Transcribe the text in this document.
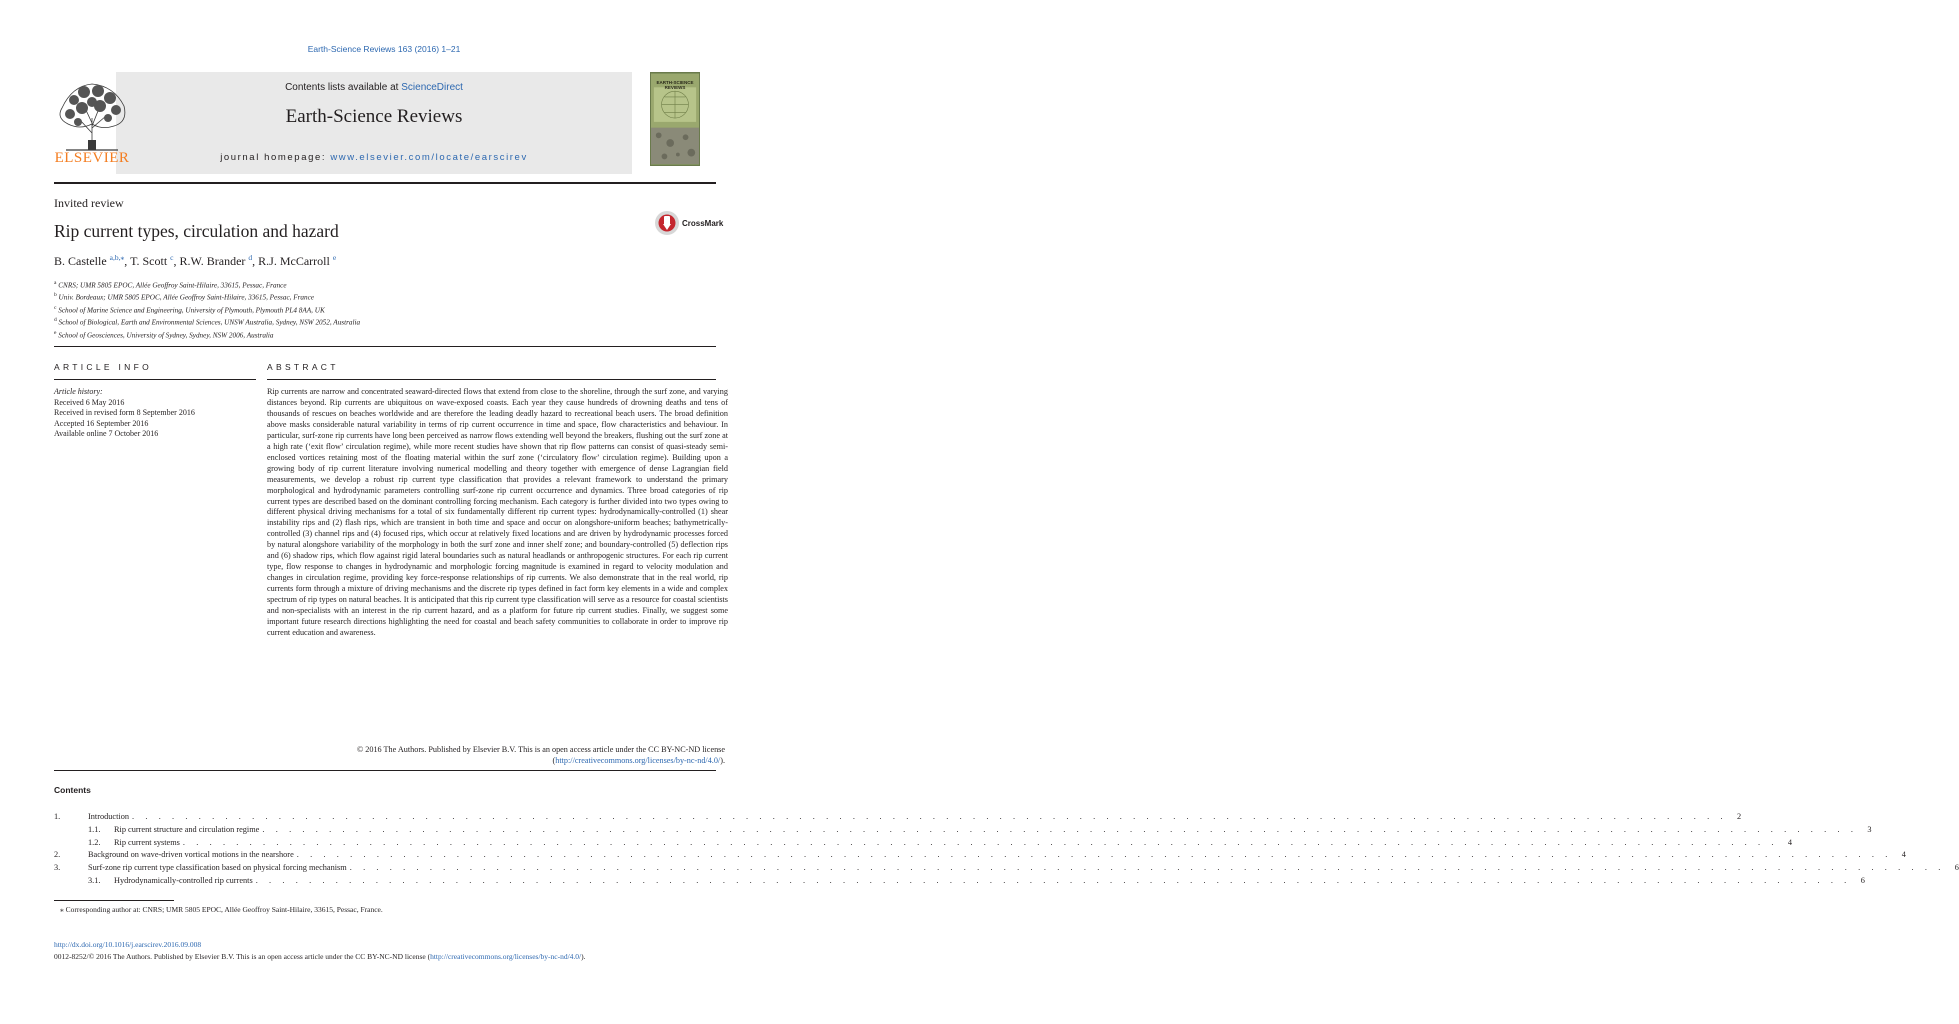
Earth-Science Reviews 163 (2016) 1–21
ELSEVIER
Contents lists available at ScienceDirect
Earth-Science Reviews
journal homepage: www.elsevier.com/locate/earscirev
EARTH-SCIENCE REVIEWS
Invited review
Rip current types, circulation and hazard	CrossMark
B. Castelle $^{a,b,⁎}$, T. Scott $^c$, R.W. Brander $^d$, R.J. McCarroll $^e$
$^a$ CNRS; UMR 5805 EPOC, Allée Geoffroy Saint-Hilaire, 33615, Pessac, France
$^b$ Univ. Bordeaux; UMR 5805 EPOC, Allée Geoffroy Saint-Hilaire, 33615, Pessac, France
$^c$ School of Marine Science and Engineering, University of Plymouth, Plymouth PL4 8AA, UK
$^d$ School of Biological, Earth and Environmental Sciences, UNSW Australia, Sydney, NSW 2052, Australia
$^e$ School of Geosciences, University of Sydney, Sydney, NSW 2006, Australia
ARTICLE INFO	ABSTRACT
Article history:
Received 6 May 2016
Received in revised form 8 September 2016
Accepted 16 September 2016
Available online 7 October 2016
Rip currents are narrow and concentrated seaward-directed flows that extend from close to the shoreline, through the surf zone, and varying distances beyond. Rip currents are ubiquitous on wave-exposed coasts. Each year they cause hundreds of drowning deaths and tens of thousands of rescues on beaches worldwide and are therefore the leading deadly hazard to recreational beach users. The broad definition above masks considerable natural variability in terms of rip current occurrence in time and space, flow characteristics and behaviour. In particular, surf-zone rip currents have long been perceived as narrow flows extending well beyond the breakers, flushing out the surf zone at a high rate (‘exit flow’ circulation regime), while more recent studies have shown that rip flow patterns can consist of quasi-steady semi-enclosed vortices retaining most of the floating material within the surf zone (‘circulatory flow’ circulation regime). Building upon a growing body of rip current literature involving numerical modelling and theory together with emergence of dense Lagrangian field measurements, we develop a robust rip current type classification that provides a relevant framework to understand the primary morphological and hydrodynamic parameters controlling surf-zone rip current occurrence and dynamics. Three broad categories of rip current types are described based on the dominant controlling forcing mechanism. Each category is further divided into two types owing to different physical driving mechanisms for a total of six fundamentally different rip current types: hydrodynamically-controlled (1) shear instability rips and (2) flash rips, which are transient in both time and space and occur on alongshore-uniform beaches; bathymetrically-controlled (3) channel rips and (4) focused rips, which occur at relatively fixed locations and are driven by hydrodynamic processes forced by natural alongshore variability of the morphology in both the surf zone and inner shelf zone; and boundary-controlled (5) deflection rips and (6) shadow rips, which flow against rigid lateral boundaries such as natural headlands or anthropogenic structures. For each rip current type, flow response to changes in hydrodynamic and morphologic forcing magnitude is examined in regard to velocity modulation and changes in circulation regime, providing key force-response relationships of rip currents. We also demonstrate that in the real world, rip currents form through a mixture of driving mechanisms and the discrete rip types defined in fact form key elements in a wide and complex spectrum of rip types on natural beaches. It is anticipated that this rip current type classification will serve as a resource for coastal scientists and non-specialists with an interest in the rip current hazard, and as a platform for future rip current studies. Finally, we suggest some important future research directions highlighting the need for coastal and beach safety communities to collaborate in order to improve rip current education and awareness.
© 2016 The Authors. Published by Elsevier B.V. This is an open access article under the CC BY-NC-ND license
(http://creativecommons.org/licenses/by-nc-nd/4.0/).
Contents
1.	Introduction . . . . . . . . . . . . . . . . . . . . . . . . . . . . . . . . . . . . . . . . . . . . . . . . . . . . . . . . . . . . . . . . . . . . . . . . . . . . . . . . . . . . . . . . . . . . . . . . . . . . . . . . . . . . . . . . . . . . . . . .	2
1.1.	Rip current structure and circulation regime . . . . . . . . . . . . . . . . . . . . . . . . . . . . . . . . . . . . . . . . . . . . . . . . . . . . . . . . . . . . . . . . . . . . . . . . . . . . . . . . . . . . . . . . . . . . . . . . . . . . . . . . . . . . . . . . . . . . . . . .	3
1.2.	Rip current systems . . . . . . . . . . . . . . . . . . . . . . . . . . . . . . . . . . . . . . . . . . . . . . . . . . . . . . . . . . . . . . . . . . . . . . . . . . . . . . . . . . . . . . . . . . . . . . . . . . . . . . . . . . . . . . . . . . . . . . . .	4
2.	Background on wave-driven vortical motions in the nearshore . . . . . . . . . . . . . . . . . . . . . . . . . . . . . . . . . . . . . . . . . . . . . . . . . . . . . . . . . . . . . . . . . . . . . . . . . . . . . . . . . . . . . . . . . . . . . . . . . . . . . . . . . . . . . . . . . . . . . . . .	4
3.	Surf-zone rip current type classification based on physical forcing mechanism . . . . . . . . . . . . . . . . . . . . . . . . . . . . . . . . . . . . . . . . . . . . . . . . . . . . . . . . . . . . . . . . . . . . . . . . . . . . . . . . . . . . . . . . . . . . . . . . . . . . . . . . . . . . . . . . . . . . . . . .	6
3.1.	Hydrodynamically-controlled rip currents . . . . . . . . . . . . . . . . . . . . . . . . . . . . . . . . . . . . . . . . . . . . . . . . . . . . . . . . . . . . . . . . . . . . . . . . . . . . . . . . . . . . . . . . . . . . . . . . . . . . . . . . . . . . . . . . . . . . . . . .	6
⁎ Corresponding author at: CNRS; UMR 5805 EPOC, Allée Geoffroy Saint-Hilaire, 33615, Pessac, France.
http://dx.doi.org/10.1016/j.earscirev.2016.09.008
0012-8252/© 2016 The Authors. Published by Elsevier B.V. This is an open access article under the CC BY-NC-ND license (http://creativecommons.org/licenses/by-nc-nd/4.0/).
